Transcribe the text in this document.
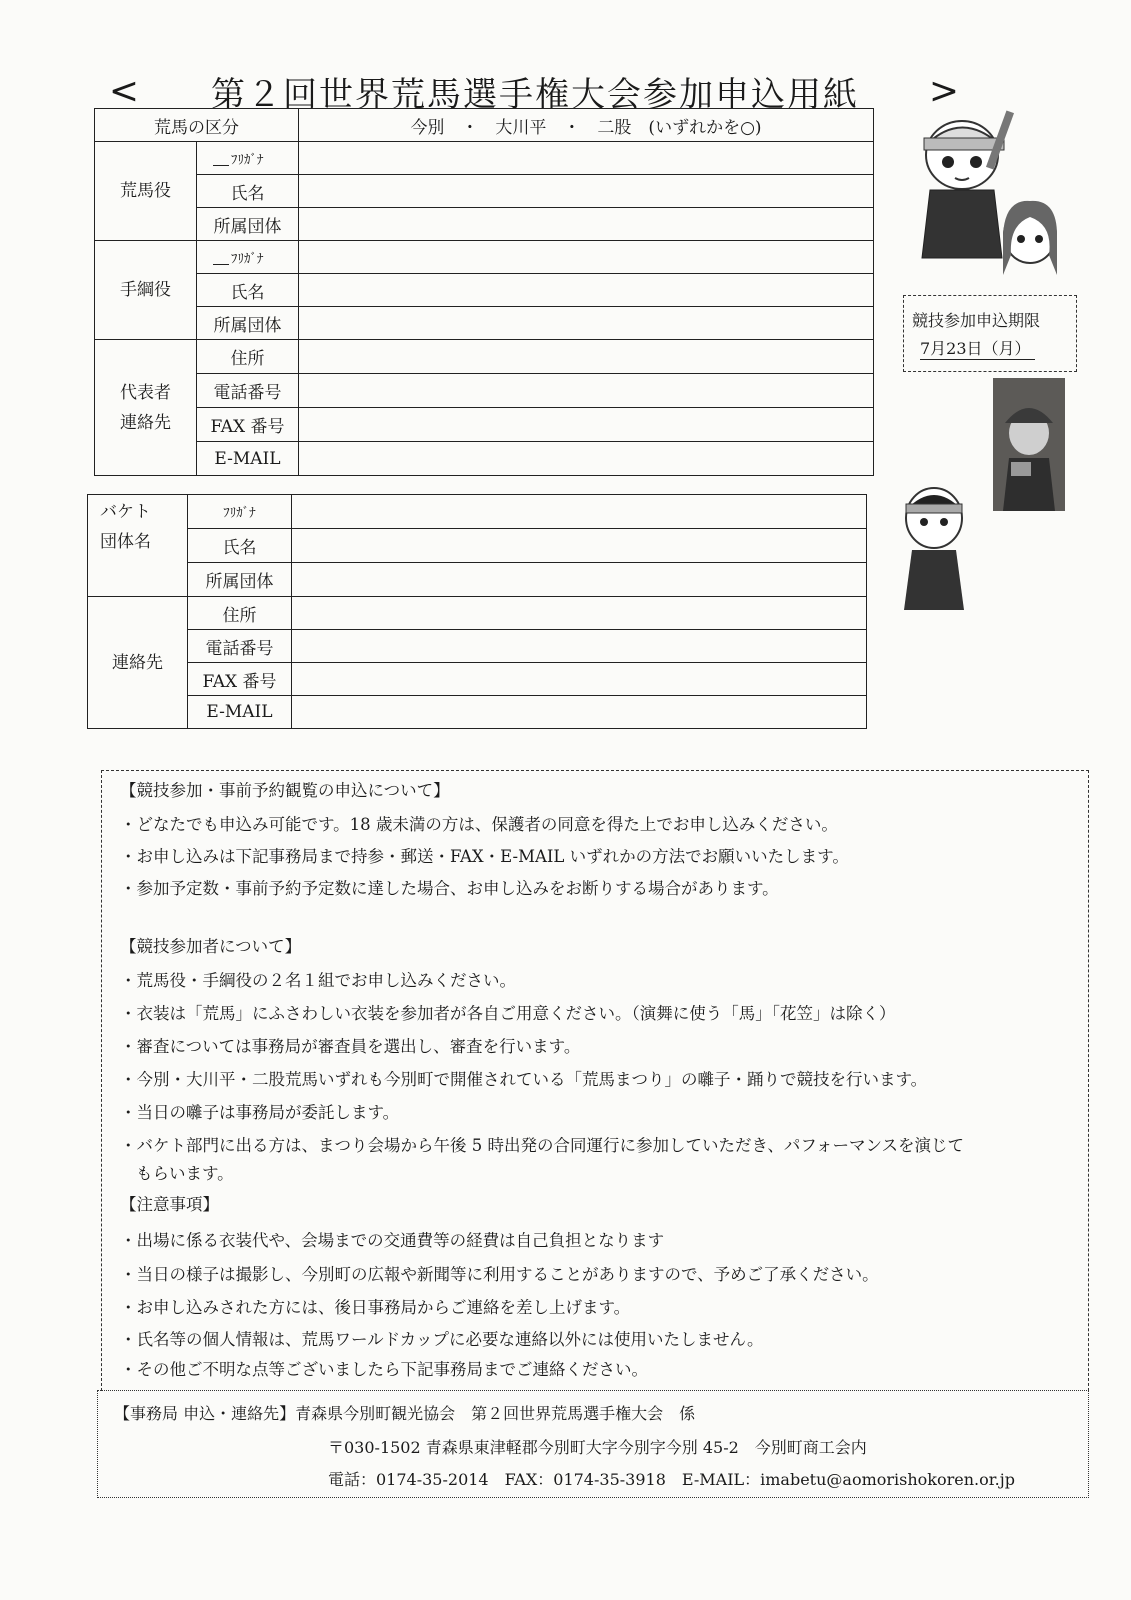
<	第２回世界荒馬選手権大会参加申込用紙	>
荒馬の区分		今別　・　大川平　・　二股　(いずれかを○)
荒馬役	ﾌﾘｶﾞﾅ	
	氏名	
	所属団体	
手綱役	ﾌﾘｶﾞﾅ	
	氏名	
	所属団体	
代表者
連絡先	住所	
	電話番号	
	FAX 番号	
	E-MAIL	
バケト
団体名	ﾌﾘｶﾞﾅ	
	氏名	
	所属団体	
連絡先	住所	
	電話番号	
	FAX 番号	
	E-MAIL	
競技参加申込期限
7月23日（月）
【競技参加・事前予約観覧の申込について】
・どなたでも申込み可能です。18 歳未満の方は、保護者の同意を得た上でお申し込みください。
・お申し込みは下記事務局まで持参・郵送・FAX・E-MAIL いずれかの方法でお願いいたします。
・参加予定数・事前予約予定数に達した場合、お申し込みをお断りする場合があります。
【競技参加者について】
・荒馬役・手綱役の２名１組でお申し込みください。
・衣装は「荒馬」にふさわしい衣装を参加者が各自ご用意ください。（演舞に使う「馬」「花笠」は除く）
・審査については事務局が審査員を選出し、審査を行います。
・今別・大川平・二股荒馬いずれも今別町で開催されている「荒馬まつり」の囃子・踊りで競技を行います。
・当日の囃子は事務局が委託します。
・バケト部門に出る方は、まつり会場から午後 5 時出発の合同運行に参加していただき、パフォーマンスを演じて
もらいます。
【注意事項】
・出場に係る衣装代や、会場までの交通費等の経費は自己負担となります
・当日の様子は撮影し、今別町の広報や新聞等に利用することがありますので、予めご了承ください。
・お申し込みされた方には、後日事務局からご連絡を差し上げます。
・氏名等の個人情報は、荒馬ワールドカップに必要な連絡以外には使用いたしません。
・その他ご不明な点等ございましたら下記事務局までご連絡ください。
【事務局 申込・連絡先】青森県今別町観光協会　第２回世界荒馬選手権大会　係
〒030-1502 青森県東津軽郡今別町大字今別字今別 45-2　今別町商工会内
電話：0174-35-2014　FAX：0174-35-3918　E-MAIL：imabetu@aomorishokoren.or.jp
